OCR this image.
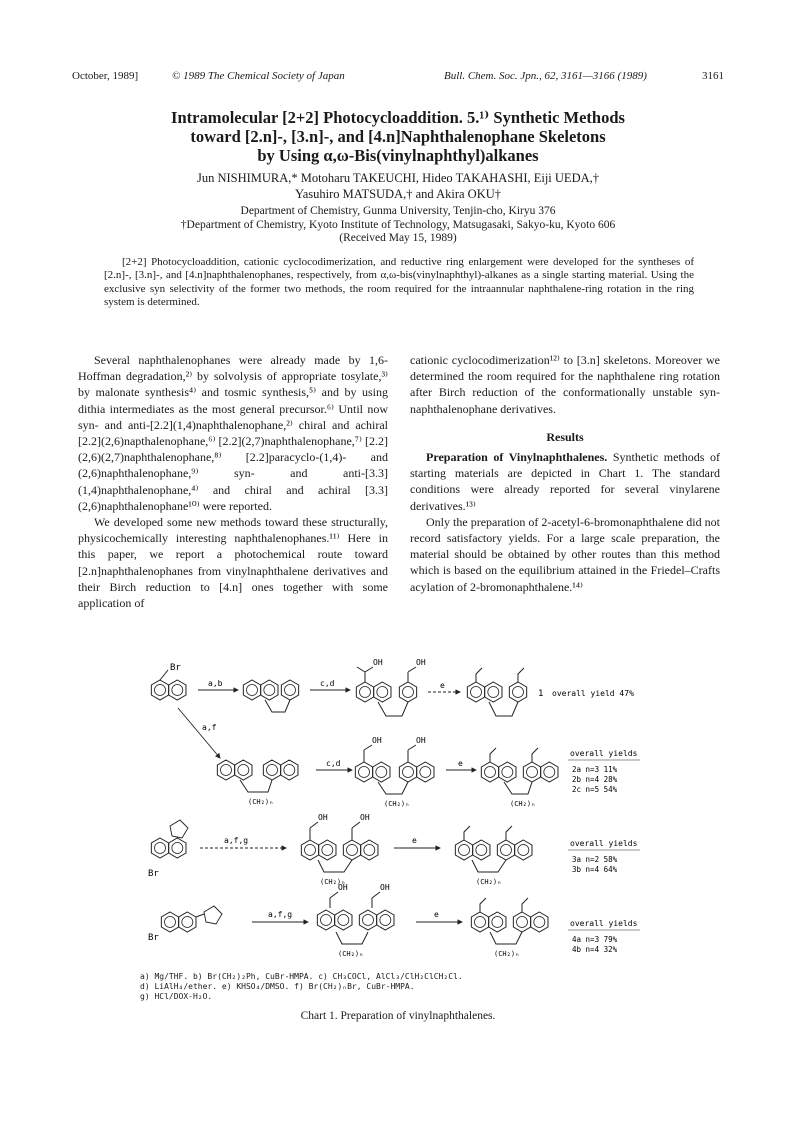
October, 1989]	© 1989 The Chemical Society of Japan	Bull. Chem. Soc. Jpn., 62, 3161—3166 (1989)	3161
Intramolecular [2+2] Photocycloaddition. 5.¹⁾ Synthetic Methods
toward [2.n]-, [3.n]-, and [4.n]Naphthalenophane Skeletons
by Using α,ω-Bis(vinylnaphthyl)alkanes
Jun NISHIMURA,* Motoharu TAKEUCHI, Hideo TAKAHASHI, Eiji UEDA,†
Yasuhiro MATSUDA,† and Akira OKU†
Department of Chemistry, Gunma University, Tenjin-cho, Kiryu 376
†Department of Chemistry, Kyoto Institute of Technology, Matsugasaki, Sakyo-ku, Kyoto 606
(Received May 15, 1989)
[2+2] Photocycloaddition, cationic cyclocodimerization, and reductive ring enlargement were developed for the syntheses of [2.n]-, [3.n]-, and [4.n]naphthalenophanes, respectively, from α,ω-bis(vinylnaphthyl)-alkanes as a single starting material. Using the exclusive syn selectivity of the former two methods, the room required for the intraannular naphthalene-ring rotation in the ring system is determined.

Several naphthalenophanes were already made by 1,6-Hoffman degradation,²⁾ by solvolysis of appropriate tosylate,³⁾ by malonate synthesis⁴⁾ and tosmic synthesis,⁵⁾ and by using dithia intermediates as the most general precursor.⁶⁾ Until now syn- and anti-[2.2](1,4)naphthalenophane,²⁾ chiral and achiral [2.2](2,6)napthalenophane,⁶⁾ [2.2](2,7)naphthalenophane,⁷⁾ [2.2](2,6)(2,7)naphthalenophane,⁸⁾ [2.2]paracyclo-(1,4)- and (2,6)naphthalenophane,⁹⁾ syn- and anti-[3.3](1,4)naphthalenophane,⁴⁾ and chiral and achiral [3.3](2,6)naphthalenophane¹⁰⁾ were reported.

We developed some new methods toward these structurally, physicochemically interesting naphthalenophanes.¹¹⁾ Here in this paper, we report a photochemical route toward [2.n]naphthalenophanes from vinylnaphthalene derivatives and their Birch reduction to [4.n] ones together with some application of

cationic cyclocodimerization¹²⁾ to [3.n] skeletons. Moreover we determined the room required for the naphthalene ring rotation after Birch reduction of the conformationally unstable syn-naphthalenophane derivatives.

Results

Preparation of Vinylnaphthalenes. Synthetic methods of starting materials are depicted in Chart 1. The standard conditions were already reported for several vinylarene derivatives.¹³⁾

Only the preparation of 2-acetyl-6-bromonaphthalene did not record satisfactory yields. For a large scale preparation, the material should be obtained by other routes than this method which is based on the equilibrium attained in the Friedel–Crafts acylation of 2-bromonaphthalene.¹⁴⁾

Br
a,b	c,d
OH	OH
e
1 overall yield 47%
a,f
(CH₂)ₙ
c,d
OH	OH
(CH₂)ₙ
e
(CH₂)ₙ
overall yields
2a n=3 11%
2b n=4 28%
2c n=5 54%
Br
a,f,g
OH	OH
(CH₂)ₙ
e
(CH₂)ₙ
overall yields
3a n=2 58%
3b n=4 64%
Br
a,f,g
OH	OH
(CH₂)ₙ
e
(CH₂)ₙ
overall yields
4a n=3 79%
4b n=4 32%
a) Mg/THF. b) Br(CH₂)₂Ph, CuBr-HMPA. c) CH₃COCl, AlCl₃/ClH₂ClCH₂Cl.
d) LiAlH₄/ether. e) KHSO₄/DMSO. f) Br(CH₂)ₙBr, CuBr-HMPA.
g) HCl/DOX-H₂O.
Chart 1. Preparation of vinylnaphthalenes.
